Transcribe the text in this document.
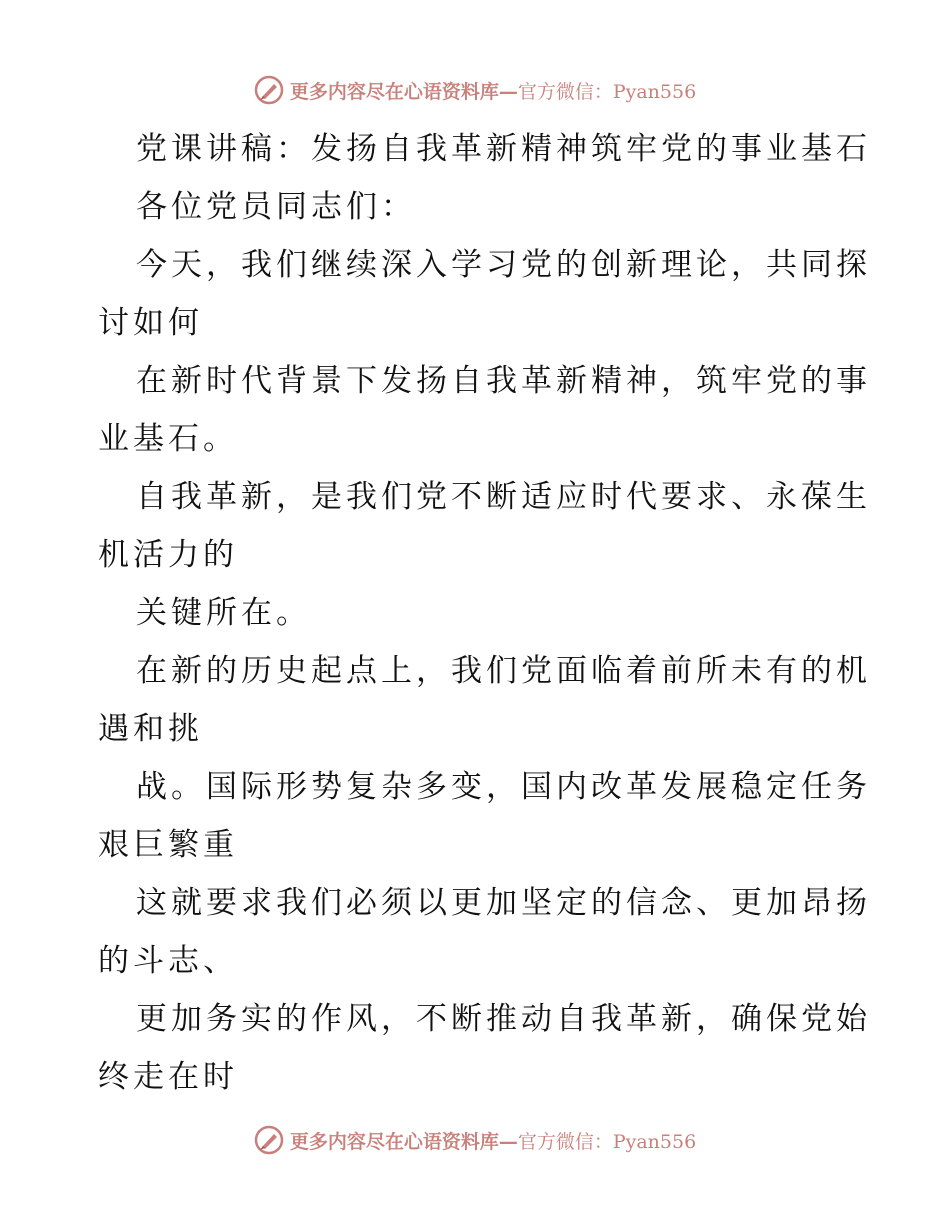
更多内容尽在心语资料库—官方微信：Pyan556
党课讲稿：发扬自我革新精神筑牢党的事业基石
各位党员同志们：
今天，我们继续深入学习党的创新理论，共同探
讨如何
在新时代背景下发扬自我革新精神，筑牢党的事
业基石。
自我革新，是我们党不断适应时代要求、永葆生
机活力的
关键所在。
在新的历史起点上，我们党面临着前所未有的机
遇和挑
战。国际形势复杂多变，国内改革发展稳定任务
艰巨繁重
这就要求我们必须以更加坚定的信念、更加昂扬
的斗志、
更加务实的作风，不断推动自我革新，确保党始
终走在时
更多内容尽在心语资料库—官方微信：Pyan556
